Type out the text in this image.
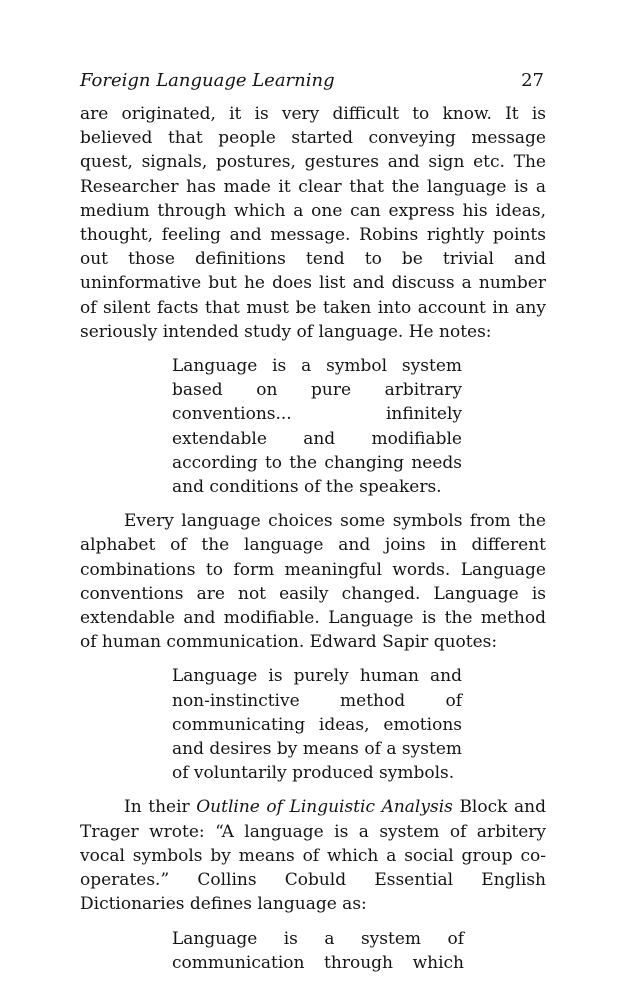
Foreign Language Learning	27

are originated, it is very difficult to know. It is believed that people started conveying message quest, signals, postures, gestures and sign etc. The Researcher has made it clear that the language is a medium through which a one can express his ideas, thought, feeling and message. Robins rightly points out those definitions tend to be trivial and uninformative but he does list and discuss a number of silent facts that must be taken into account in any seriously intended study of language. He notes:

Language is a symbol system based on pure arbitrary conventions... infinitely extendable and modifiable according to the changing needs and conditions of the speakers.

Every language choices some symbols from the alphabet of the language and joins in different combinations to form meaningful words. Language conventions are not easily changed. Language is extendable and modifiable. Language is the method of human communication. Edward Sapir quotes:

Language is purely human and non-instinctive method of communicating ideas, emotions and desires by means of a system of voluntarily produced symbols.

In their Outline of Linguistic Analysis Block and Trager wrote: “A language is a system of arbitery vocal symbols by means of which a social group co-operates.” Collins Cobuld Essential English Dictionaries defines language as:

Language is a system of communication through which
